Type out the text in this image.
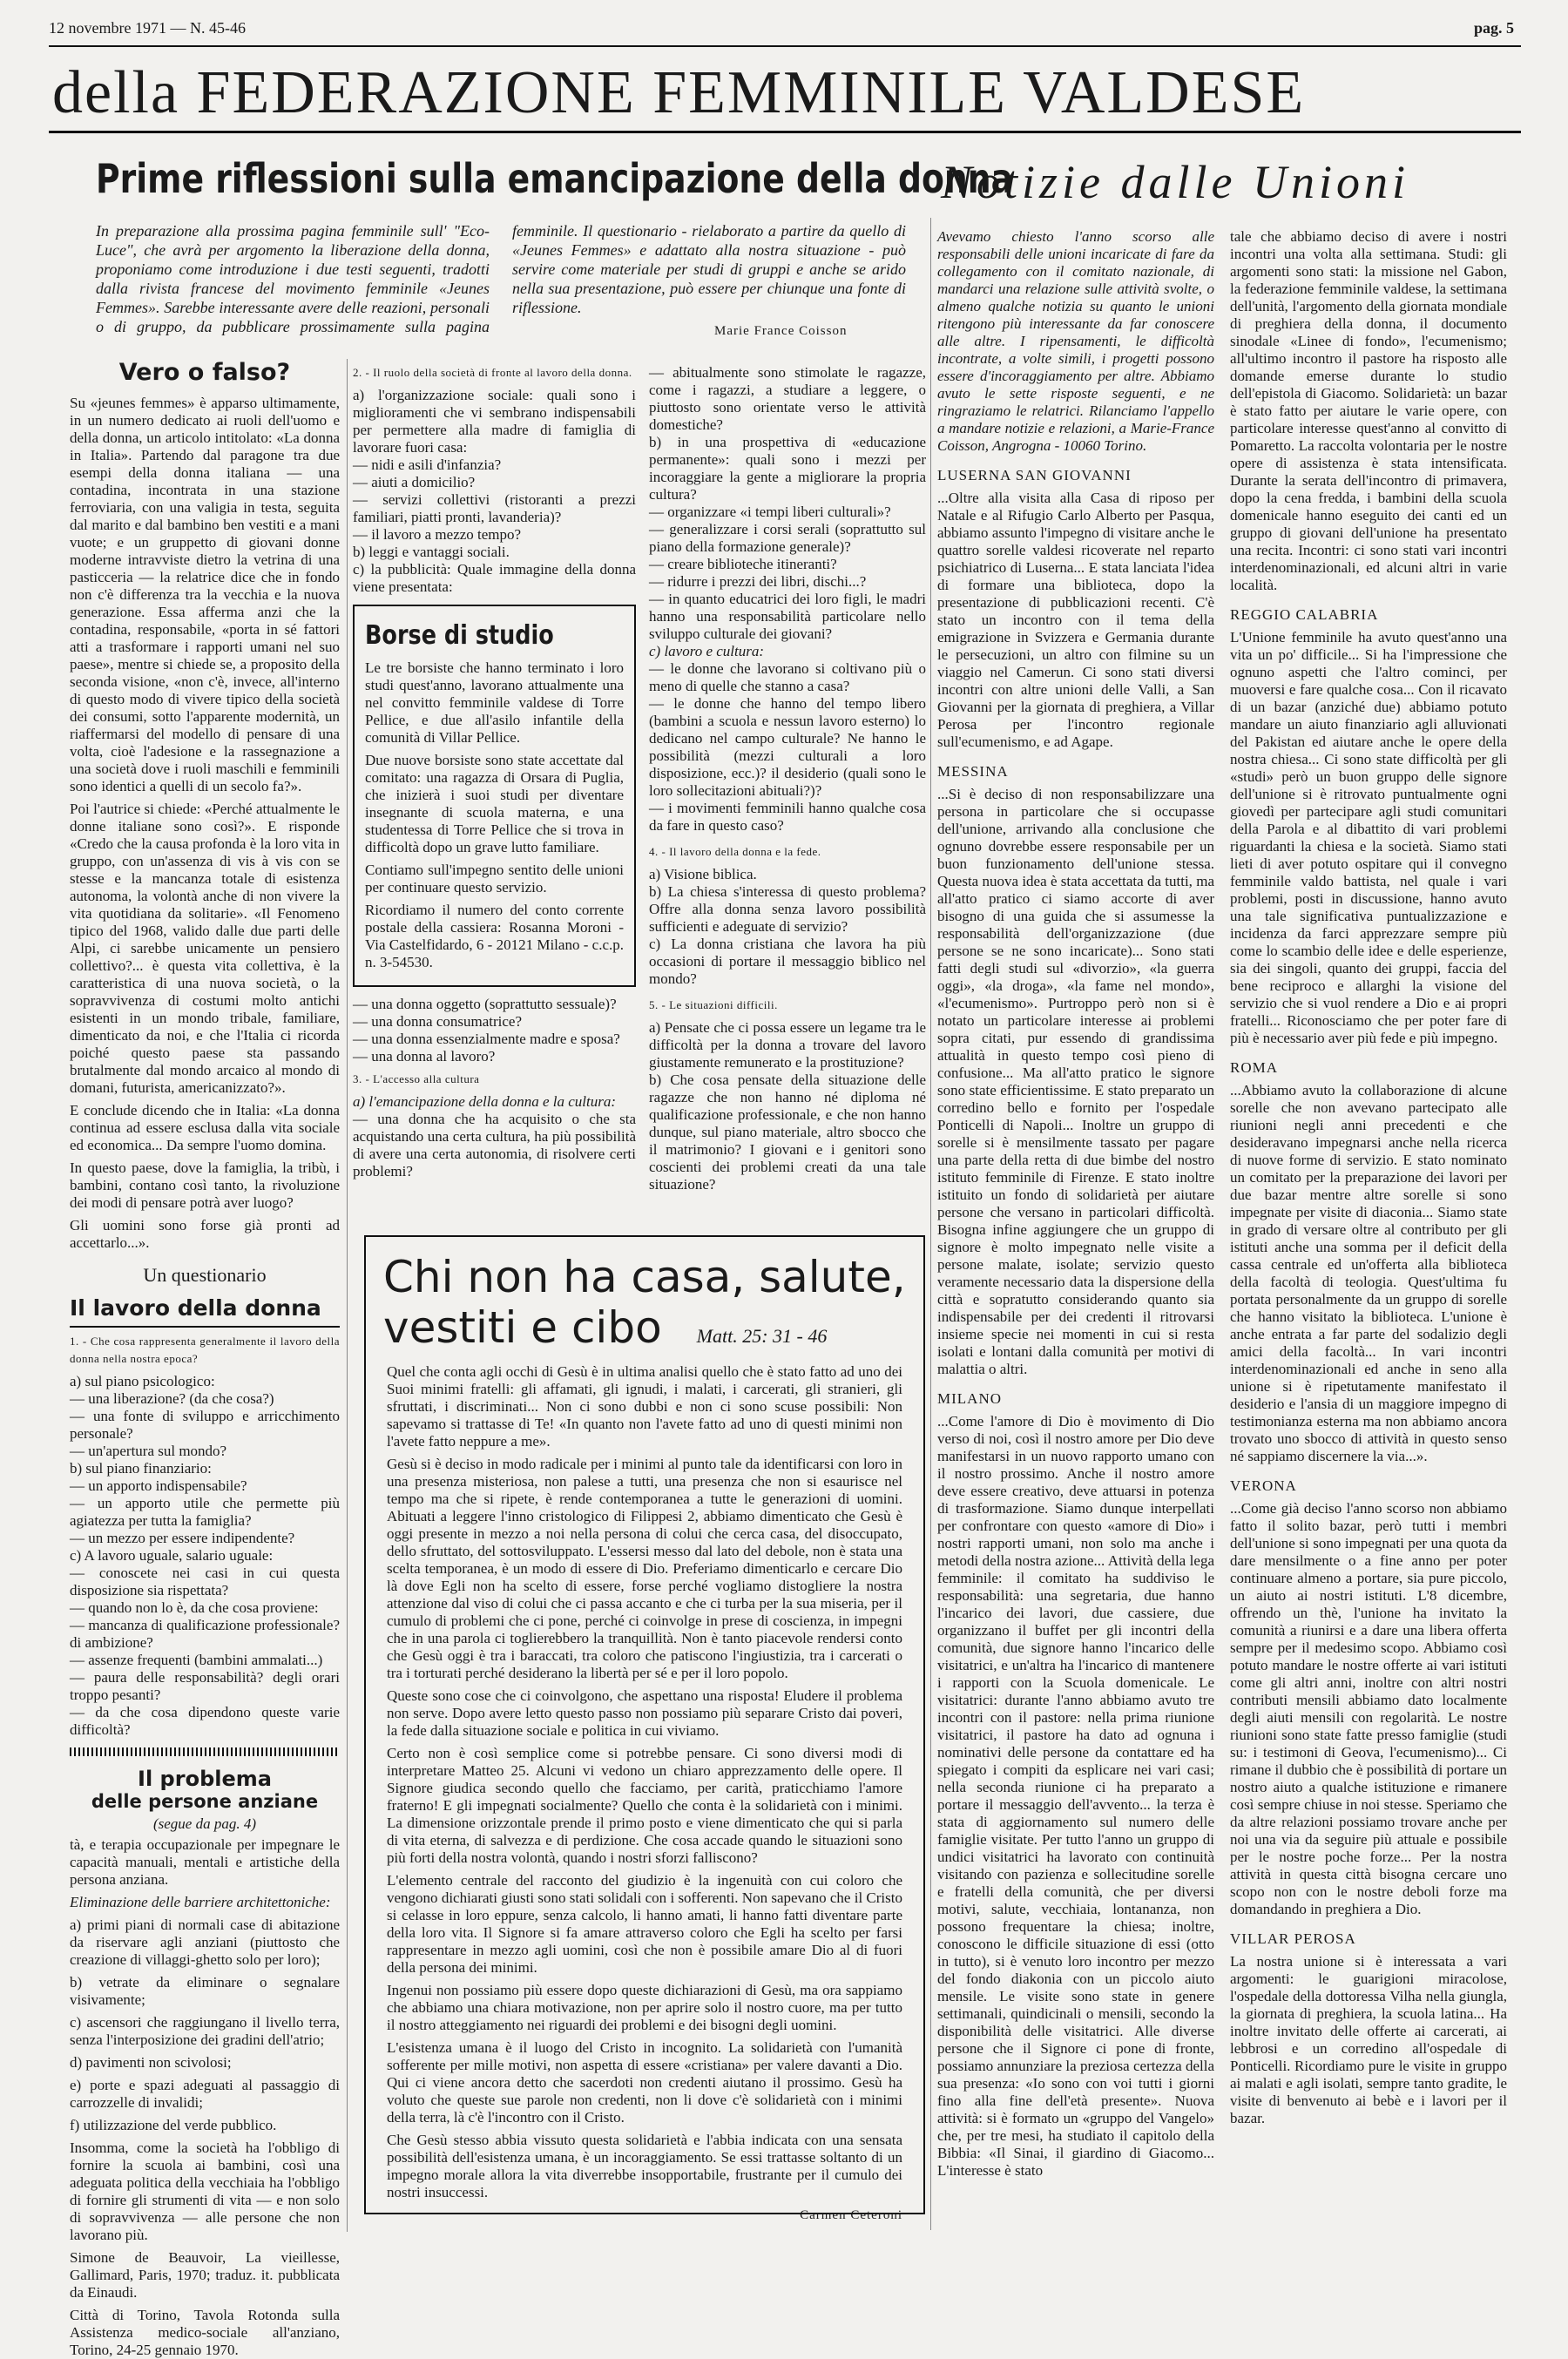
12 novembre 1971 — N. 45-46	pag. 5
della FEDERAZIONE FEMMINILE VALDESE
Prime riflessioni sulla emancipazione della donna
Notizie dalle Unioni

In preparazione alla prossima pagina femminile sull' "Eco-Luce", che avrà per argomento la liberazione della donna, proponiamo come introduzione i due testi seguenti, tradotti dalla rivista francese del movimento femminile «Jeunes Femmes». Sarebbe interessante avere delle reazioni, personali o di gruppo, da pubblicare prossimamente sulla pagina femminile. Il questionario - rielaborato a partire da quello di «Jeunes Femmes» e adattato alla nostra situazione - può servire come materiale per studi di gruppi e anche se arido nella sua presentazione, può essere per chiunque una fonte di riflessione.

Marie France Coisson
Vero o falso?

Su «jeunes femmes» è apparso ultimamente, in un numero dedicato ai ruoli dell'uomo e della donna, un articolo intitolato: «La donna in Italia». Partendo dal paragone tra due esempi della donna italiana — una contadina, incontrata in una stazione ferroviaria, con una valigia in testa, seguita dal marito e dal bambino ben vestiti e a mani vuote; e un gruppetto di giovani donne moderne intravviste dietro la vetrina di una pasticceria — la relatrice dice che in fondo non c'è differenza tra la vecchia e la nuova generazione. Essa afferma anzi che la contadina, responsabile, «porta in sé fattori atti a trasformare i rapporti umani nel suo paese», mentre si chiede se, a proposito della seconda visione, «non c'è, invece, all'interno di questo modo di vivere tipico della società dei consumi, sotto l'apparente modernità, un riaffermarsi del modello di pensare di una volta, cioè l'adesione e la rassegnazione a una società dove i ruoli maschili e femminili sono identici a quelli di un secolo fa?».

Poi l'autrice si chiede: «Perché attualmente le donne italiane sono così?». E risponde «Credo che la causa profonda è la loro vita in gruppo, con un'assenza di vis à vis con se stesse e la mancanza totale di esistenza autonoma, la volontà anche di non vivere la vita quotidiana da solitarie». «Il Fenomeno tipico del 1968, valido dalle due parti delle Alpi, ci sarebbe unicamente un pensiero collettivo?... è questa vita collettiva, è la caratteristica di una nuova società, o la sopravvivenza di costumi molto antichi esistenti in un mondo tribale, familiare, dimenticato da noi, e che l'Italia ci ricorda poiché questo paese sta passando brutalmente dal mondo arcaico al mondo di domani, futurista, americanizzato?».

E conclude dicendo che in Italia: «La donna continua ad essere esclusa dalla vita sociale ed economica... Da sempre l'uomo domina.

In questo paese, dove la famiglia, la tribù, i bambini, contano così tanto, la rivoluzione dei modi di pensare potrà aver luogo?

Gli uomini sono forse già pronti ad accettarlo...».

Un questionario
Il lavoro della donna

1. - Che cosa rappresenta generalmente il lavoro della donna nella nostra epoca?

a) sul piano psicologico:
— una liberazione? (da che cosa?)
— una fonte di sviluppo e arricchimento personale?
— un'apertura sul mondo?
b) sul piano finanziario:
— un apporto indispensabile?
— un apporto utile che permette più agiatezza per tutta la famiglia?
— un mezzo per essere indipendente?
c) A lavoro uguale, salario uguale:
— conoscete nei casi in cui questa disposizione sia rispettata?
— quando non lo è, da che cosa proviene:
— mancanza di qualificazione professionale? di ambizione?
— assenze frequenti (bambini ammalati...)
— paura delle responsabilità? degli orari troppo pesanti?
— da che cosa dipendono queste varie difficoltà?
Il problema
delle persone anziane
(segue da pag. 4)

tà, e terapia occupazionale per impegnare le capacità manuali, mentali e artistiche della persona anziana.

Eliminazione delle barriere architettoniche:

a) primi piani di normali case di abitazione da riservare agli anziani (piuttosto che creazione di villaggi-ghetto solo per loro);

b) vetrate da eliminare o segnalare visivamente;

c) ascensori che raggiungano il livello terra, senza l'interposizione dei gradini dell'atrio;

d) pavimenti non scivolosi;

e) porte e spazi adeguati al passaggio di carrozzelle di invalidi;

f) utilizzazione del verde pubblico.

Insomma, come la società ha l'obbligo di fornire la scuola ai bambini, così una adeguata politica della vecchiaia ha l'obbligo di fornire gli strumenti di vita — e non solo di sopravvivenza — alle persone che non lavorano più.

Simone de Beauvoir, La vieillesse, Gallimard, Paris, 1970; traduz. it. pubblicata da Einaudi.

Città di Torino, Tavola Rotonda sulla Assistenza medico-sociale all'anziano, Torino, 24-25 gennaio 1970.

2. - Il ruolo della società di fronte al lavoro della donna.

a) l'organizzazione sociale: quali sono i miglioramenti che vi sembrano indispensabili per permettere alla madre di famiglia di lavorare fuori casa:
— nidi e asili d'infanzia?
— aiuti a domicilio?
— servizi collettivi (ristoranti a prezzi familiari, piatti pronti, lavanderia)?
— il lavoro a mezzo tempo?
b) leggi e vantaggi sociali.
c) la pubblicità: Quale immagine della donna viene presentata:
Borse di studio

Le tre borsiste che hanno terminato i loro studi quest'anno, lavorano attualmente una nel convitto femminile valdese di Torre Pellice, e due all'asilo infantile della comunità di Villar Pellice.

Due nuove borsiste sono state accettate dal comitato: una ragazza di Orsara di Puglia, che inizierà i suoi studi per diventare insegnante di scuola materna, e una studentessa di Torre Pellice che si trova in difficoltà dopo un grave lutto familiare.

Contiamo sull'impegno sentito delle unioni per continuare questo servizio.

Ricordiamo il numero del conto corrente postale della cassiera: Rosanna Moroni - Via Castelfidardo, 6 - 20121 Milano - c.c.p. n. 3-54530.

— una donna oggetto (soprattutto sessuale)?
— una donna consumatrice?
— una donna essenzialmente madre e sposa?
— una donna al lavoro?

3. - L'accesso alla cultura

a) l'emancipazione della donna e la cultura:
— una donna che ha acquisito o che sta acquistando una certa cultura, ha più possibilità di avere una certa autonomia, di risolvere certi problemi?
— abitualmente sono stimolate le ragazze, come i ragazzi, a studiare a leggere, o piuttosto sono orientate verso le attività domestiche?
b) in una prospettiva di «educazione permanente»: quali sono i mezzi per incoraggiare la gente a migliorare la propria cultura?
— organizzare «i tempi liberi culturali»?
— generalizzare i corsi serali (soprattutto sul piano della formazione generale)?
— creare biblioteche itineranti?
— ridurre i prezzi dei libri, dischi...?
— in quanto educatrici dei loro figli, le madri hanno una responsabilità particolare nello sviluppo culturale dei giovani?
c) lavoro e cultura:
— le donne che lavorano si coltivano più o meno di quelle che stanno a casa?
— le donne che hanno del tempo libero (bambini a scuola e nessun lavoro esterno) lo dedicano nel campo culturale? Ne hanno le possibilità (mezzi culturali a loro disposizione, ecc.)? il desiderio (quali sono le loro sollecitazioni abituali?)?
— i movimenti femminili hanno qualche cosa da fare in questo caso?

4. - Il lavoro della donna e la fede.

a) Visione biblica.
b) La chiesa s'interessa di questo problema? Offre alla donna senza lavoro possibilità sufficienti e adeguate di servizio?
c) La donna cristiana che lavora ha più occasioni di portare il messaggio biblico nel mondo?

5. - Le situazioni difficili.

a) Pensate che ci possa essere un legame tra le difficoltà per la donna a trovare del lavoro giustamente remunerato e la prostituzione?
b) Che cosa pensate della situazione delle ragazze che non hanno né diploma né qualificazione professionale, e che non hanno dunque, sul piano materiale, altro sbocco che il matrimonio? I giovani e i genitori sono coscienti dei problemi creati da una tale situazione?
Chi non ha casa, salute,
vestiti e cibo Matt. 25: 31 - 46

Quel che conta agli occhi di Gesù è in ultima analisi quello che è stato fatto ad uno dei Suoi minimi fratelli: gli affamati, gli ignudi, i malati, i carcerati, gli stranieri, gli sfruttati, i discriminati... Non ci sono dubbi e non ci sono scuse possibili: Non sapevamo si trattasse di Te! «In quanto non l'avete fatto ad uno di questi minimi non l'avete fatto neppure a me».

Gesù si è deciso in modo radicale per i minimi al punto tale da identificarsi con loro in una presenza misteriosa, non palese a tutti, una presenza che non si esaurisce nel tempo ma che si ripete, è rende contemporanea a tutte le generazioni di uomini. Abituati a leggere l'inno cristologico di Filippesi 2, abbiamo dimenticato che Gesù è oggi presente in mezzo a noi nella persona di colui che cerca casa, del disoccupato, dello sfruttato, del sottosviluppato. L'essersi messo dal lato del debole, non è stata una scelta temporanea, è un modo di essere di Dio. Preferiamo dimenticarlo e cercare Dio là dove Egli non ha scelto di essere, forse perché vogliamo distogliere la nostra attenzione dal viso di colui che ci passa accanto e che ci turba per la sua miseria, per il cumulo di problemi che ci pone, perché ci coinvolge in prese di coscienza, in impegni che in una parola ci toglierebbero la tranquillità. Non è tanto piacevole rendersi conto che Gesù oggi è tra i baraccati, tra coloro che patiscono l'ingiustizia, tra i carcerati o tra i torturati perché desiderano la libertà per sé e per il loro popolo.

Queste sono cose che ci coinvolgono, che aspettano una risposta! Eludere il problema non serve. Dopo avere letto questo passo non possiamo più separare Cristo dai poveri, la fede dalla situazione sociale e politica in cui viviamo.

Certo non è così semplice come si potrebbe pensare. Ci sono diversi modi di interpretare Matteo 25. Alcuni vi vedono un chiaro apprezzamento delle opere. Il Signore giudica secondo quello che facciamo, per carità, praticchiamo l'amore fraterno! E gli impegnati socialmente? Quello che conta è la solidarietà con i minimi. La dimensione orizzontale prende il primo posto e viene dimenticato che qui si parla di vita eterna, di salvezza e di perdizione. Che cosa accade quando le situazioni sono più forti della nostra volontà, quando i nostri sforzi falliscono?

L'elemento centrale del racconto del giudizio è la ingenuità con cui coloro che vengono dichiarati giusti sono stati solidali con i sofferenti. Non sapevano che il Cristo si celasse in loro eppure, senza calcolo, li hanno amati, li hanno fatti diventare parte della loro vita. Il Signore si fa amare attraverso coloro che Egli ha scelto per farsi rappresentare in mezzo agli uomini, così che non è possibile amare Dio al di fuori della persona dei minimi.

Ingenui non possiamo più essere dopo queste dichiarazioni di Gesù, ma ora sappiamo che abbiamo una chiara motivazione, non per aprire solo il nostro cuore, ma per tutto il nostro atteggiamento nei riguardi dei problemi e dei bisogni degli uomini.

L'esistenza umana è il luogo del Cristo in incognito. La solidarietà con l'umanità sofferente per mille motivi, non aspetta di essere «cristiana» per valere davanti a Dio. Qui ci viene ancora detto che sacerdoti non credenti aiutano il prossimo. Gesù ha voluto che queste sue parole non credenti, non li dove c'è solidarietà con i minimi della terra, là c'è l'incontro con il Cristo.

Che Gesù stesso abbia vissuto questa solidarietà e l'abbia indicata con una sensata possibilità dell'esistenza umana, è un incoraggiamento. Se essi trattasse soltanto di un impegno morale allora la vita diverrebbe insopportabile, frustrante per il cumulo dei nostri insuccessi.

Carmen Ceteroni

Avevamo chiesto l'anno scorso alle responsabili delle unioni incaricate di fare da collegamento con il comitato nazionale, di mandarci una relazione sulle attività svolte, o almeno qualche notizia su quanto le unioni ritengono più interessante da far conoscere alle altre. I ripensamenti, le difficoltà incontrate, a volte simili, i progetti possono essere d'incoraggiamento per altre. Abbiamo avuto le sette risposte seguenti, e ne ringraziamo le relatrici. Rilanciamo l'appello a mandare notizie e relazioni, a Marie-France Coisson, Angrogna - 10060 Torino.

LUSERNA SAN GIOVANNI

...Oltre alla visita alla Casa di riposo per Natale e al Rifugio Carlo Alberto per Pasqua, abbiamo assunto l'impegno di visitare anche le quattro sorelle valdesi ricoverate nel reparto psichiatrico di Luserna... E stata lanciata l'idea di formare una biblioteca, dopo la presentazione di pubblicazioni recenti. C'è stato un incontro con il tema della emigrazione in Svizzera e Germania durante le persecuzioni, un altro con filmine su un viaggio nel Camerun. Ci sono stati diversi incontri con altre unioni delle Valli, a San Giovanni per la giornata di preghiera, a Villar Perosa per l'incontro regionale sull'ecumenismo, e ad Agape.

MESSINA

...Si è deciso di non responsabilizzare una persona in particolare che si occupasse dell'unione, arrivando alla conclusione che ognuno dovrebbe essere responsabile per un buon funzionamento dell'unione stessa. Questa nuova idea è stata accettata da tutti, ma all'atto pratico ci siamo accorte di aver bisogno di una guida che si assumesse la responsabilità dell'organizzazione (due persone se ne sono incaricate)... Sono stati fatti degli studi sul «divorzio», «la guerra oggi», «la droga», «la fame nel mondo», «l'ecumenismo». Purtroppo però non si è notato un particolare interesse ai problemi sopra citati, pur essendo di grandissima attualità in questo tempo così pieno di confusione... Ma all'atto pratico le signore sono state efficientissime. E stato preparato un corredino bello e fornito per l'ospedale Ponticelli di Napoli... Inoltre un gruppo di sorelle si è mensilmente tassato per pagare una parte della retta di due bimbe del nostro istituto femminile di Firenze. E stato inoltre istituito un fondo di solidarietà per aiutare persone che versano in particolari difficoltà. Bisogna infine aggiungere che un gruppo di signore è molto impegnato nelle visite a persone malate, isolate; servizio questo veramente necessario data la dispersione della città e sopratutto considerando quanto sia indispensabile per dei credenti il ritrovarsi insieme specie nei momenti in cui si resta isolati e lontani dalla comunità per motivi di malattia o altri.

MILANO

...Come l'amore di Dio è movimento di Dio verso di noi, così il nostro amore per Dio deve manifestarsi in un nuovo rapporto umano con il nostro prossimo. Anche il nostro amore deve essere creativo, deve attuarsi in potenza di trasformazione. Siamo dunque interpellati per confrontare con questo «amore di Dio» i nostri rapporti umani, non solo ma anche i metodi della nostra azione... Attività della lega femminile: il comitato ha suddiviso le responsabilità: una segretaria, due hanno l'incarico dei lavori, due cassiere, due organizzano il buffet per gli incontri della comunità, due signore hanno l'incarico delle visitatrici, e un'altra ha l'incarico di mantenere i rapporti con la Scuola domenicale. Le visitatrici: durante l'anno abbiamo avuto tre incontri con il pastore: nella prima riunione visitatrici, il pastore ha dato ad ognuna i nominativi delle persone da contattare ed ha spiegato i compiti da esplicare nei vari casi; nella seconda riunione ci ha preparato a portare il messaggio dell'avvento... la terza è stata di aggiornamento sul numero delle famiglie visitate. Per tutto l'anno un gruppo di undici visitatrici ha lavorato con continuità visitando con pazienza e sollecitudine sorelle e fratelli della comunità, che per diversi motivi, salute, vecchiaia, lontananza, non possono frequentare la chiesa; inoltre, conoscono le difficile situazione di essi (otto in tutto), si è venuto loro incontro per mezzo del fondo diakonia con un piccolo aiuto mensile. Le visite sono state in genere settimanali, quindicinali o mensili, secondo la disponibilità delle visitatrici. Alle diverse persone che il Signore ci pone di fronte, possiamo annunziare la preziosa certezza della sua presenza: «Io sono con voi tutti i giorni fino alla fine dell'età presente». Nuova attività: si è formato un «gruppo del Vangelo» che, per tre mesi, ha studiato il capitolo della Bibbia: «Il Sinai, il giardino di Giacomo... L'interesse è stato

tale che abbiamo deciso di avere i nostri incontri una volta alla settimana. Studi: gli argomenti sono stati: la missione nel Gabon, la federazione femminile valdese, la settimana dell'unità, l'argomento della giornata mondiale di preghiera della donna, il documento sinodale «Linee di fondo», l'ecumenismo; all'ultimo incontro il pastore ha risposto alle domande emerse durante lo studio dell'epistola di Giacomo. Solidarietà: un bazar è stato fatto per aiutare le varie opere, con particolare interesse quest'anno al convitto di Pomaretto. La raccolta volontaria per le nostre opere di assistenza è stata intensificata. Durante la serata dell'incontro di primavera, dopo la cena fredda, i bambini della scuola domenicale hanno eseguito dei canti ed un gruppo di giovani dell'unione ha presentato una recita. Incontri: ci sono stati vari incontri interdenominazionali, ed alcuni altri in varie località.

REGGIO CALABRIA

L'Unione femminile ha avuto quest'anno una vita un po' difficile... Si ha l'impressione che ognuno aspetti che l'altro cominci, per muoversi e fare qualche cosa... Con il ricavato di un bazar (anziché due) abbiamo potuto mandare un aiuto finanziario agli alluvionati del Pakistan ed aiutare anche le opere della nostra chiesa... Ci sono state difficoltà per gli «studi» però un buon gruppo delle signore dell'unione si è ritrovato puntualmente ogni giovedì per partecipare agli studi comunitari della Parola e al dibattito di vari problemi riguardanti la chiesa e la società. Siamo stati lieti di aver potuto ospitare qui il convegno femminile valdo battista, nel quale i vari problemi, posti in discussione, hanno avuto una tale significativa puntualizzazione e incidenza da farci apprezzare sempre più come lo scambio delle idee e delle esperienze, sia dei singoli, quanto dei gruppi, faccia del bene reciproco e allarghi la visione del servizio che si vuol rendere a Dio e ai propri fratelli... Riconosciamo che per poter fare di più è necessario aver più fede e più impegno.

ROMA

...Abbiamo avuto la collaborazione di alcune sorelle che non avevano partecipato alle riunioni negli anni precedenti e che desideravano impegnarsi anche nella ricerca di nuove forme di servizio. E stato nominato un comitato per la preparazione dei lavori per due bazar mentre altre sorelle si sono impegnate per visite di diaconia... Siamo state in grado di versare oltre al contributo per gli istituti anche una somma per il deficit della cassa centrale ed un'offerta alla biblioteca della facoltà di teologia. Quest'ultima fu portata personalmente da un gruppo di sorelle che hanno visitato la biblioteca. L'unione è anche entrata a far parte del sodalizio degli amici della facoltà... In vari incontri interdenominazionali ed anche in seno alla unione si è ripetutamente manifestato il desiderio e l'ansia di un maggiore impegno di testimonianza esterna ma non abbiamo ancora trovato uno sbocco di attività in questo senso né sappiamo discernere la via...».

VERONA

...Come già deciso l'anno scorso non abbiamo fatto il solito bazar, però tutti i membri dell'unione si sono impegnati per una quota da dare mensilmente o a fine anno per poter continuare almeno a portare, sia pure piccolo, un aiuto ai nostri istituti. L'8 dicembre, offrendo un thè, l'unione ha invitato la comunità a riunirsi e a dare una libera offerta sempre per il medesimo scopo. Abbiamo così potuto mandare le nostre offerte ai vari istituti come gli altri anni, inoltre con altri nostri contributi mensili abbiamo dato localmente degli aiuti mensili con regolarità. Le nostre riunioni sono state fatte presso famiglie (studi su: i testimoni di Geova, l'ecumenismo)... Ci rimane il dubbio che è possibilità di portare un nostro aiuto a qualche istituzione e rimanere così sempre chiuse in noi stesse. Speriamo che da altre relazioni possiamo trovare anche per noi una via da seguire più attuale e possibile per le nostre poche forze... Per la nostra attività in questa città bisogna cercare uno scopo non con le nostre deboli forze ma domandando in preghiera a Dio.

VILLAR PEROSA

La nostra unione si è interessata a vari argomenti: le guarigioni miracolose, l'ospedale della dottoressa Vilha nella giungla, la giornata di preghiera, la scuola latina... Ha inoltre invitato delle offerte ai carcerati, ai lebbrosi e un corredino all'ospedale di Ponticelli. Ricordiamo pure le visite in gruppo ai malati e agli isolati, sempre tanto gradite, le visite di benvenuto ai bebè e i lavori per il bazar.
